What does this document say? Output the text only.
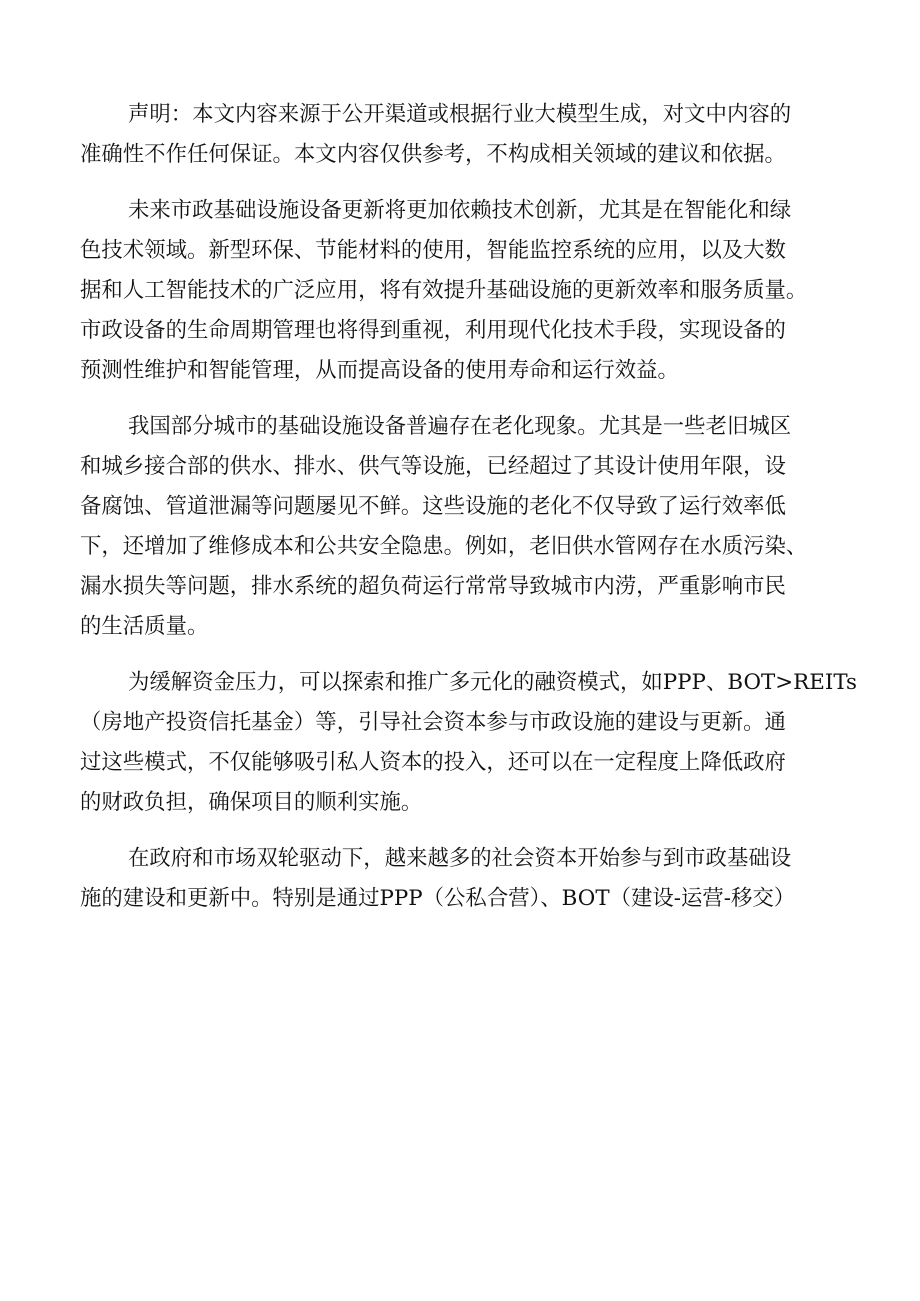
声明：本文内容来源于公开渠道或根据行业大模型生成，对文中内容的
准确性不作任何保证。本文内容仅供参考，不构成相关领域的建议和依据。
未来市政基础设施设备更新将更加依赖技术创新，尤其是在智能化和绿
色技术领域。新型环保、节能材料的使用，智能监控系统的应用，以及大数
据和人工智能技术的广泛应用，将有效提升基础设施的更新效率和服务质量。
市政设备的生命周期管理也将得到重视，利用现代化技术手段，实现设备的
预测性维护和智能管理，从而提高设备的使用寿命和运行效益。
我国部分城市的基础设施设备普遍存在老化现象。尤其是一些老旧城区
和城乡接合部的供水、排水、供气等设施，已经超过了其设计使用年限，设
备腐蚀、管道泄漏等问题屡见不鲜。这些设施的老化不仅导致了运行效率低
下，还增加了维修成本和公共安全隐患。例如，老旧供水管网存在水质污染、
漏水损失等问题，排水系统的超负荷运行常常导致城市内涝，严重影响市民
的生活质量。
为缓解资金压力，可以探索和推广多元化的融资模式，如PPP、BOT>REITs
（房地产投资信托基金）等，引导社会资本参与市政设施的建设与更新。通
过这些模式，不仅能够吸引私人资本的投入，还可以在一定程度上降低政府
的财政负担，确保项目的顺利实施。
在政府和市场双轮驱动下，越来越多的社会资本开始参与到市政基础设
施的建设和更新中。特别是通过PPP（公私合营）、BOT（建设-运营-移交）
